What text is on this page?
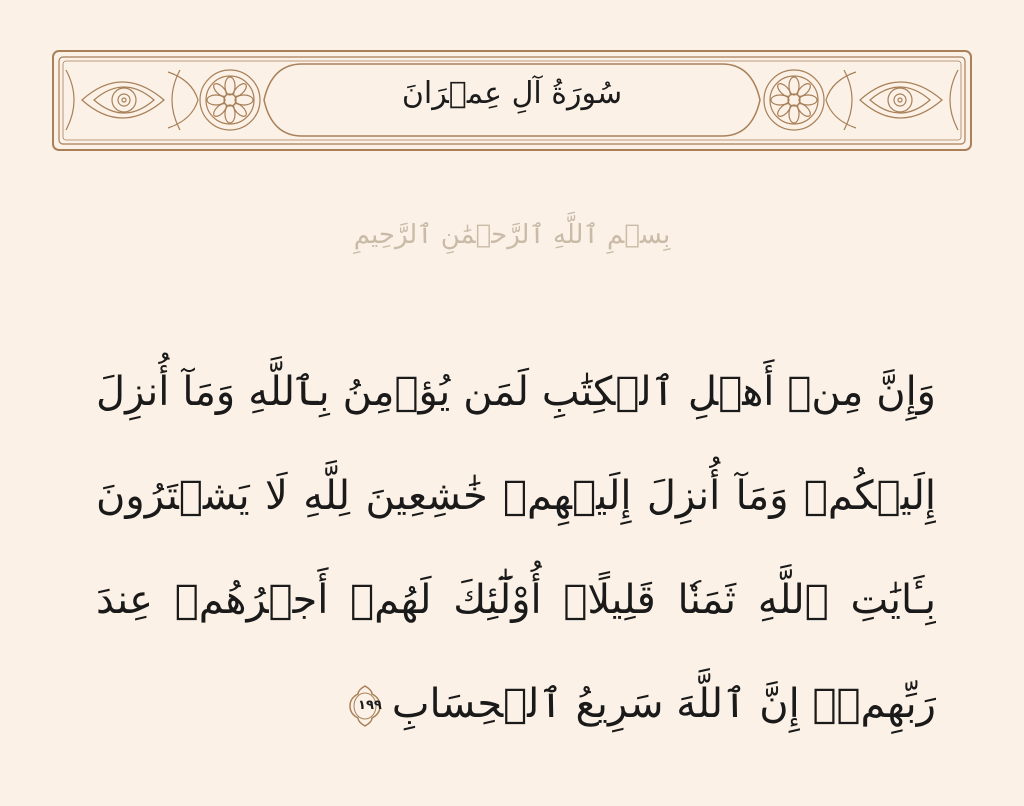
سُورَةُ آلِ عِمۡرَانَ
بِسۡمِ ٱللَّهِ ٱلرَّحۡمَٰنِ ٱلرَّحِيمِ
وَإِنَّ مِنۡ أَهۡلِ ٱلۡكِتَٰبِ لَمَن يُؤۡمِنُ بِٱللَّهِ وَمَآ أُنزِلَ
إِلَيۡكُمۡ وَمَآ أُنزِلَ إِلَيۡهِمۡ خَٰشِعِينَ لِلَّهِ لَا يَشۡتَرُونَ
بِـَٔايَٰتِ ٱللَّهِ ثَمَنٗا قَلِيلًاۚ أُوْلَٰٓئِكَ لَهُمۡ أَجۡرُهُمۡ عِندَ
رَبِّهِمۡۗ إِنَّ ٱللَّهَ سَرِيعُ ٱلۡحِسَابِ
١٩٩
